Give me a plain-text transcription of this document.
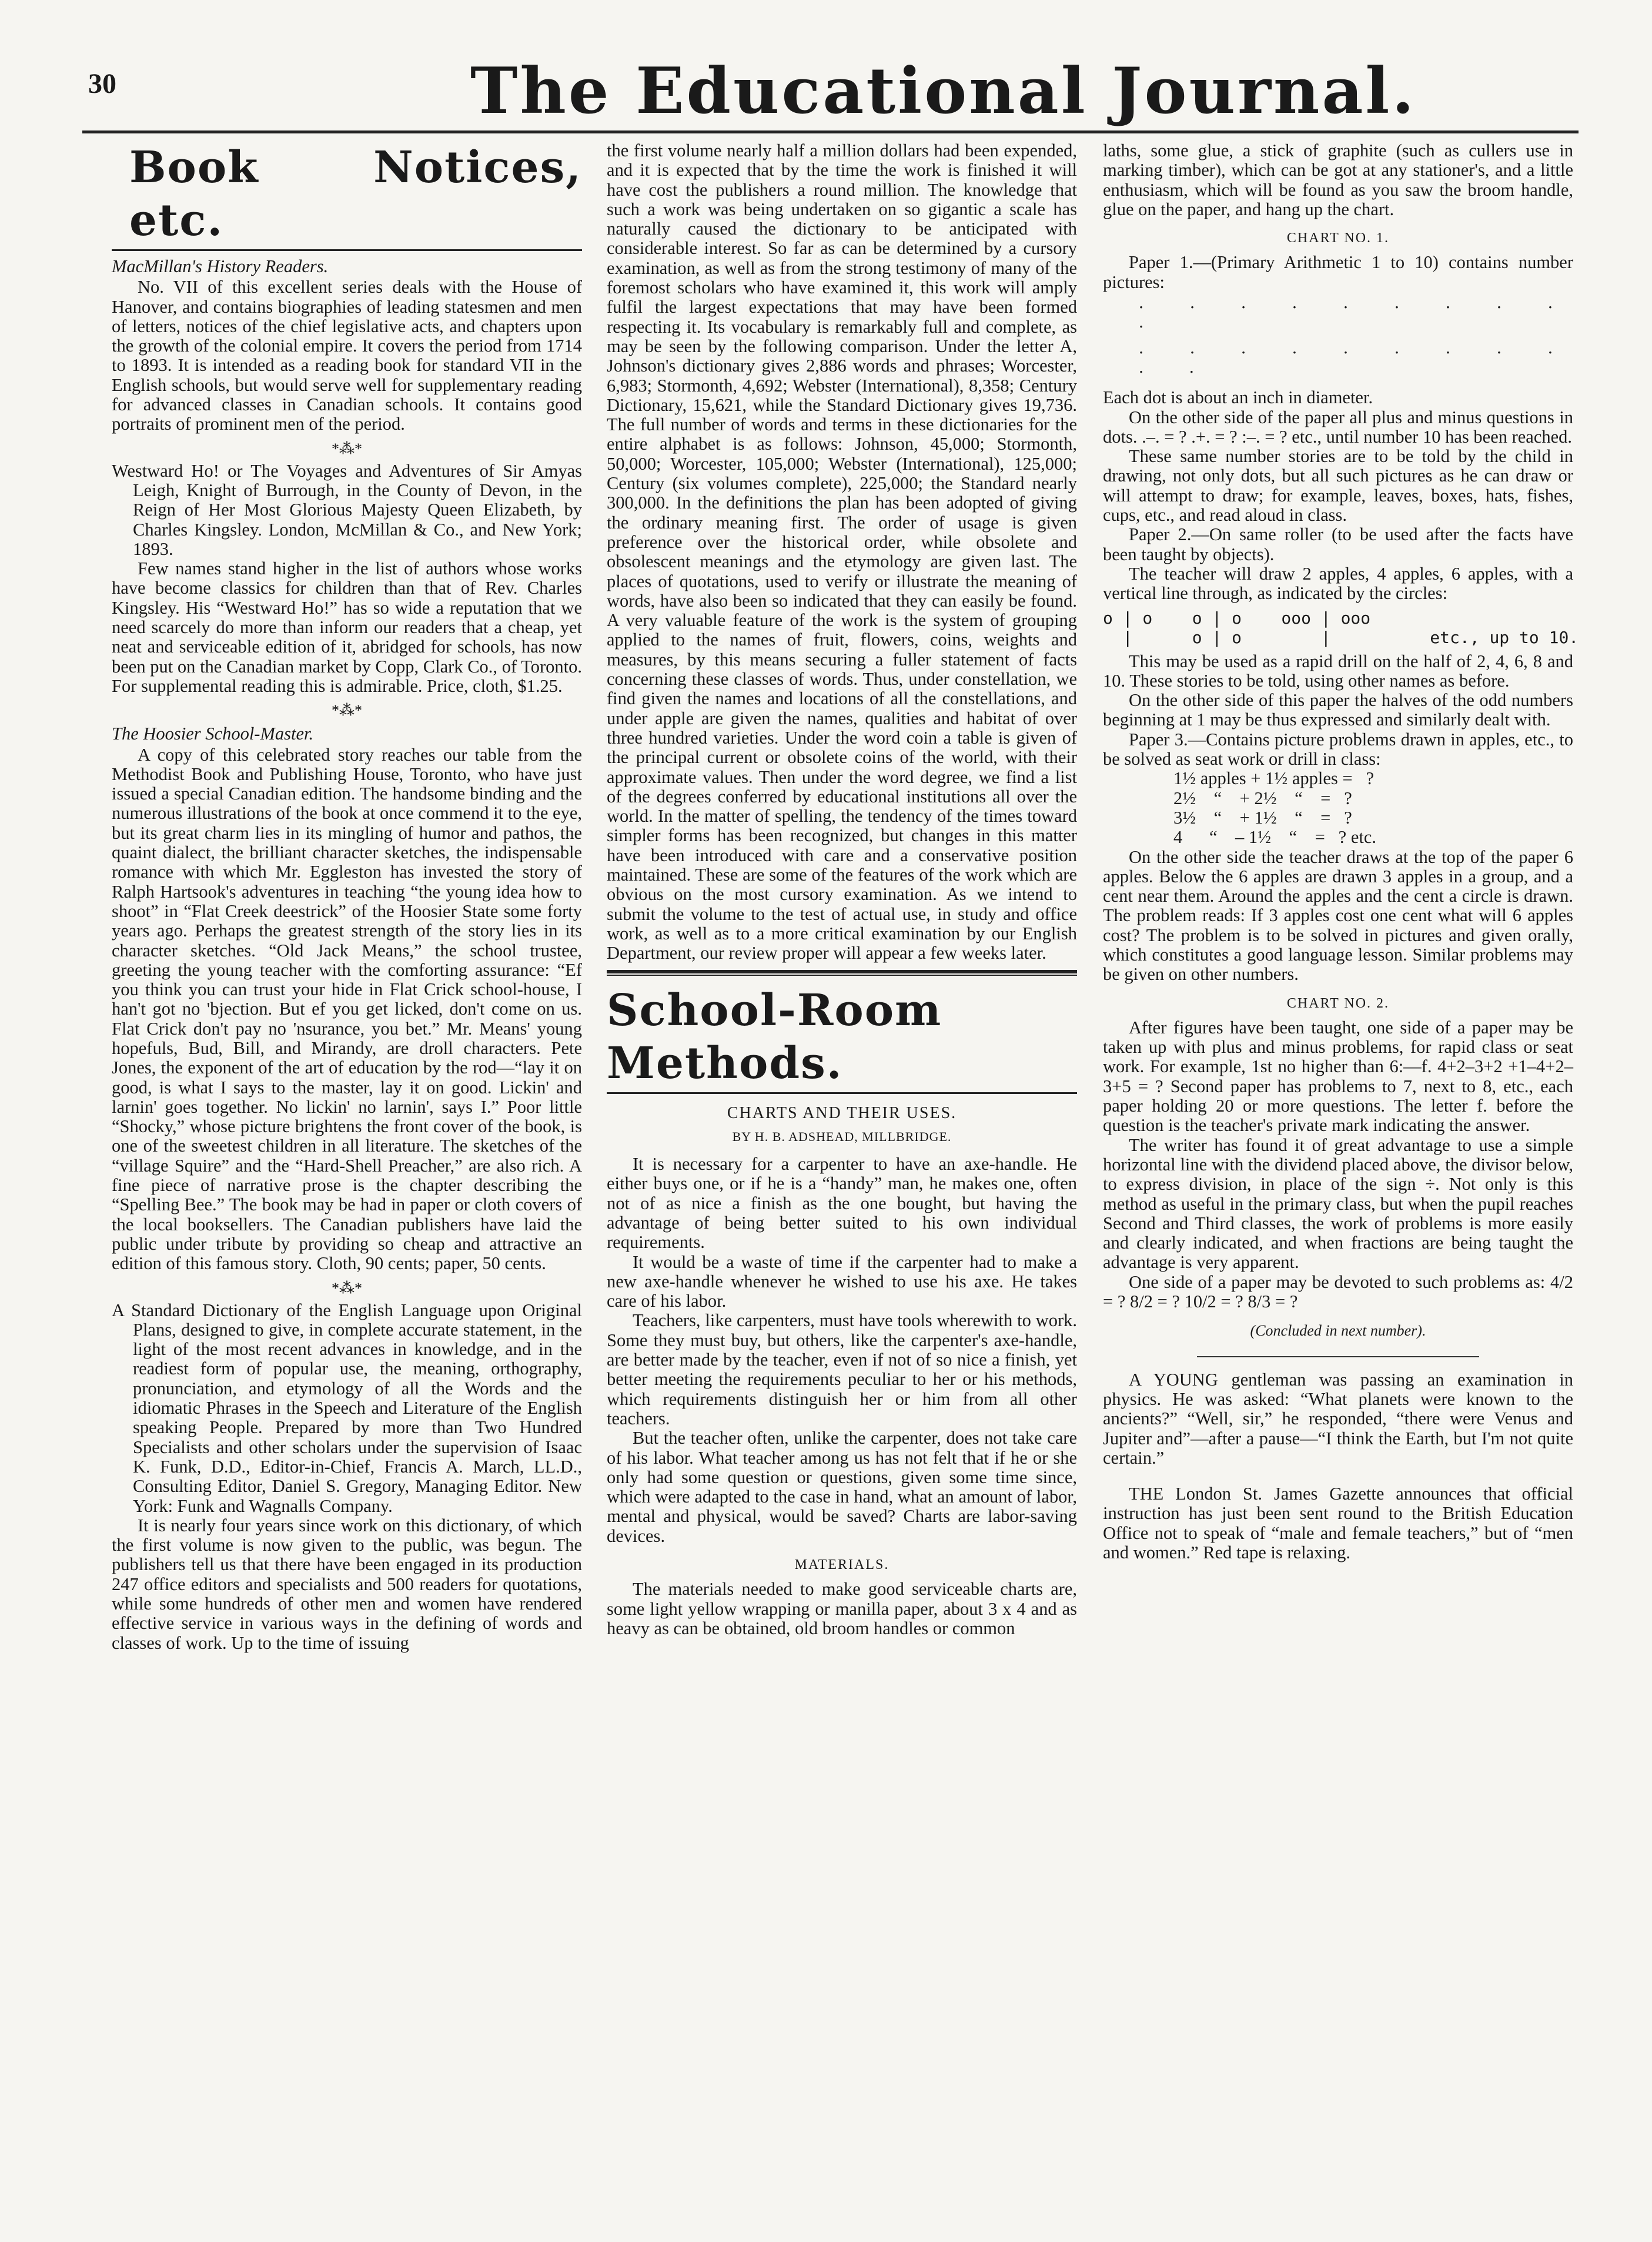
30	The Educational Journal.
Book Notices, etc.
MacMillan's History Readers.

No. VII of this excellent series deals with the House of Hanover, and contains biographies of leading statesmen and men of letters, notices of the chief legislative acts, and chapters upon the growth of the colonial empire. It covers the period from 1714 to 1893. It is intended as a reading book for standard VII in the English schools, but would serve well for supplementary reading for advanced classes in Canadian schools. It contains good portraits of prominent men of the period.

*⁂*

Westward Ho! or The Voyages and Adventures of Sir Amyas Leigh, Knight of Burrough, in the County of Devon, in the Reign of Her Most Glorious Majesty Queen Elizabeth, by Charles Kingsley. London, McMillan & Co., and New York; 1893.

Few names stand higher in the list of authors whose works have become classics for children than that of Rev. Charles Kingsley. His “Westward Ho!” has so wide a reputation that we need scarcely do more than inform our readers that a cheap, yet neat and serviceable edition of it, abridged for schools, has now been put on the Canadian market by Copp, Clark Co., of Toronto. For supplemental reading this is admirable. Price, cloth, $1.25.

*⁂*
The Hoosier School-Master.

A copy of this celebrated story reaches our table from the Methodist Book and Publishing House, Toronto, who have just issued a special Canadian edition. The handsome binding and the numerous illustrations of the book at once commend it to the eye, but its great charm lies in its mingling of humor and pathos, the quaint dialect, the brilliant character sketches, the indispensable romance with which Mr. Eggleston has invested the story of Ralph Hartsook's adventures in teaching “the young idea how to shoot” in “Flat Creek deestrick” of the Hoosier State some forty years ago. Perhaps the greatest strength of the story lies in its character sketches. “Old Jack Means,” the school trustee, greeting the young teacher with the comforting assurance: “Ef you think you can trust your hide in Flat Crick school-house, I han't got no 'bjection. But ef you get licked, don't come on us. Flat Crick don't pay no 'nsurance, you bet.” Mr. Means' young hopefuls, Bud, Bill, and Mirandy, are droll characters. Pete Jones, the exponent of the art of education by the rod—“lay it on good, is what I says to the master, lay it on good. Lickin' and larnin' goes together. No lickin' no larnin', says I.” Poor little “Shocky,” whose picture brightens the front cover of the book, is one of the sweetest children in all literature. The sketches of the “village Squire” and the “Hard-Shell Preacher,” are also rich. A fine piece of narrative prose is the chapter describing the “Spelling Bee.” The book may be had in paper or cloth covers of the local booksellers. The Canadian publishers have laid the public under tribute by providing so cheap and attractive an edition of this famous story. Cloth, 90 cents; paper, 50 cents.

*⁂*

A Standard Dictionary of the English Language upon Original Plans, designed to give, in complete accurate statement, in the light of the most recent advances in knowledge, and in the readiest form of popular use, the meaning, orthography, pronunciation, and etymology of all the Words and the idiomatic Phrases in the Speech and Literature of the English speaking People. Prepared by more than Two Hundred Specialists and other scholars under the supervision of Isaac K. Funk, D.D., Editor-in-Chief, Francis A. March, LL.D., Consulting Editor, Daniel S. Gregory, Managing Editor. New York: Funk and Wagnalls Company.

It is nearly four years since work on this dictionary, of which the first volume is now given to the public, was begun. The publishers tell us that there have been engaged in its production 247 office editors and specialists and 500 readers for quotations, while some hundreds of other men and women have rendered effective service in various ways in the defining of words and classes of work. Up to the time of issuing

the first volume nearly half a million dollars had been expended, and it is expected that by the time the work is finished it will have cost the publishers a round million. The knowledge that such a work was being undertaken on so gigantic a scale has naturally caused the dictionary to be anticipated with considerable interest. So far as can be determined by a cursory examination, as well as from the strong testimony of many of the foremost scholars who have examined it, this work will amply fulfil the largest expectations that may have been formed respecting it. Its vocabulary is remarkably full and complete, as may be seen by the following comparison. Under the letter A, Johnson's dictionary gives 2,886 words and phrases; Worcester, 6,983; Stormonth, 4,692; Webster (International), 8,358; Century Dictionary, 15,621, while the Standard Dictionary gives 19,736. The full number of words and terms in these dictionaries for the entire alphabet is as follows: Johnson, 45,000; Stormonth, 50,000; Worcester, 105,000; Webster (International), 125,000; Century (six volumes complete), 225,000; the Standard nearly 300,000. In the definitions the plan has been adopted of giving the ordinary meaning first. The order of usage is given preference over the historical order, while obsolete and obsolescent meanings and the etymology are given last. The places of quotations, used to verify or illustrate the meaning of words, have also been so indicated that they can easily be found. A very valuable feature of the work is the system of grouping applied to the names of fruit, flowers, coins, weights and measures, by this means securing a fuller statement of facts concerning these classes of words. Thus, under constellation, we find given the names and locations of all the constellations, and under apple are given the names, qualities and habitat of over three hundred varieties. Under the word coin a table is given of the principal current or obsolete coins of the world, with their approximate values. Then under the word degree, we find a list of the degrees conferred by educational institutions all over the world. In the matter of spelling, the tendency of the times toward simpler forms has been recognized, but changes in this matter have been introduced with care and a conservative position maintained. These are some of the features of the work which are obvious on the most cursory examination. As we intend to submit the volume to the test of actual use, in study and office work, as well as to a more critical examination by our English Department, our review proper will appear a few weeks later.

School-Room Methods.
CHARTS AND THEIR USES.
BY H. B. ADSHEAD, MILLBRIDGE.

It is necessary for a carpenter to have an axe-handle. He either buys one, or if he is a “handy” man, he makes one, often not of as nice a finish as the one bought, but having the advantage of being better suited to his own individual requirements.

It would be a waste of time if the carpenter had to make a new axe-handle whenever he wished to use his axe. He takes care of his labor.

Teachers, like carpenters, must have tools wherewith to work. Some they must buy, but others, like the carpenter's axe-handle, are better made by the teacher, even if not of so nice a finish, yet better meeting the requirements peculiar to her or his methods, which requirements distinguish her or him from all other teachers.

But the teacher often, unlike the carpenter, does not take care of his labor. What teacher among us has not felt that if he or she only had some question or questions, given some time since, which were adapted to the case in hand, what an amount of labor, mental and physical, would be saved? Charts are labor-saving devices.

MATERIALS.

The materials needed to make good serviceable charts are, some light yellow wrapping or manilla paper, about 3 x 4 and as heavy as can be obtained, old broom handles or common

laths, some glue, a stick of graphite (such as cullers use in marking timber), which can be got at any stationer's, and a little enthusiasm, which will be found as you saw the broom handle, glue on the paper, and hang up the chart.

CHART NO. 1.

Paper 1.—(Primary Arithmetic 1 to 10) contains number pictures:

· · · · · · · · · ·
· · · · · · · · · · ·

Each dot is about an inch in diameter.

On the other side of the paper all plus and minus questions in dots. .–. = ? .+. = ? :–. = ? etc., until number 10 has been reached.

These same number stories are to be told by the child in drawing, not only dots, but all such pictures as he can draw or will attempt to draw; for example, leaves, boxes, hats, fishes, cups, etc., and read aloud in class.

Paper 2.—On same roller (to be used after the facts have been taught by objects).

The teacher will draw 2 apples, 4 apples, 6 apples, with a vertical line through, as indicated by the circles:

o | o    o | o    ooo | ooo
|      o | o        |          etc., up to 10.

This may be used as a rapid drill on the half of 2, 4, 6, 8 and 10. These stories to be told, using other names as before.

On the other side of this paper the halves of the odd numbers beginning at 1 may be thus expressed and similarly dealt with.

Paper 3.—Contains picture problems drawn in apples, etc., to be solved as seat work or drill in class:

1½ apples + 1½ apples =   ?
2½    “    + 2½    “    =   ?
3½    “    + 1½    “    =   ?
4      “    – 1½    “    =   ? etc.

On the other side the teacher draws at the top of the paper 6 apples. Below the 6 apples are drawn 3 apples in a group, and a cent near them. Around the apples and the cent a circle is drawn. The problem reads: If 3 apples cost one cent what will 6 apples cost? The problem is to be solved in pictures and given orally, which constitutes a good language lesson. Similar problems may be given on other numbers.

CHART NO. 2.

After figures have been taught, one side of a paper may be taken up with plus and minus problems, for rapid class or seat work. For example, 1st no higher than 6:—f. 4+2–3+2 +1–4+2–3+5 = ? Second paper has problems to 7, next to 8, etc., each paper holding 20 or more questions. The letter f. before the question is the teacher's private mark indicating the answer.

The writer has found it of great advantage to use a simple horizontal line with the dividend placed above, the divisor below, to express division, in place of the sign ÷. Not only is this method as useful in the primary class, but when the pupil reaches Second and Third classes, the work of problems is more easily and clearly indicated, and when fractions are being taught the advantage is very apparent.

One side of a paper may be devoted to such problems as: 4/2 = ? 8/2 = ? 10/2 = ? 8/3 = ?

(Concluded in next number).

A YOUNG gentleman was passing an examination in physics. He was asked: “What planets were known to the ancients?” “Well, sir,” he responded, “there were Venus and Jupiter and”—after a pause—“I think the Earth, but I'm not quite certain.”

THE London St. James Gazette announces that official instruction has just been sent round to the British Education Office not to speak of “male and female teachers,” but of “men and women.” Red tape is relaxing.
